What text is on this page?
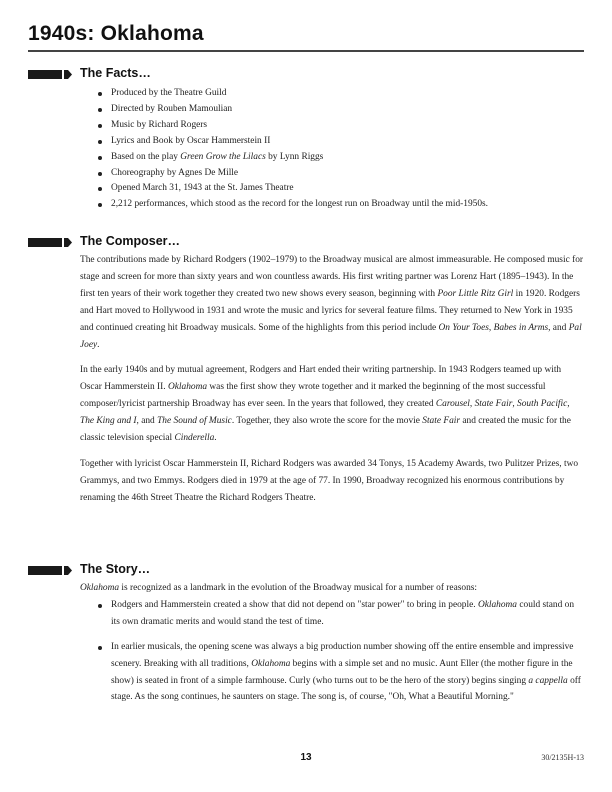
1940s: Oklahoma
The Facts…
Produced by the Theatre Guild
Directed by Rouben Mamoulian
Music by Richard Rogers
Lyrics and Book by Oscar Hammerstein II
Based on the play Green Grow the Lilacs by Lynn Riggs
Choreography by Agnes De Mille
Opened March 31, 1943 at the St. James Theatre
2,212 performances, which stood as the record for the longest run on Broadway until the mid-1950s.
The Composer…

The contributions made by Richard Rodgers (1902–1979) to the Broadway musical are almost immeasurable. He composed music for stage and screen for more than sixty years and won countless awards. His first writing partner was Lorenz Hart (1895–1943). In the first ten years of their work together they created two new shows every season, beginning with Poor Little Ritz Girl in 1920. Rodgers and Hart moved to Hollywood in 1931 and wrote the music and lyrics for several feature films. They returned to New York in 1935 and continued creating hit Broadway musicals. Some of the highlights from this period include On Your Toes, Babes in Arms, and Pal Joey.

In the early 1940s and by mutual agreement, Rodgers and Hart ended their writing partnership. In 1943 Rodgers teamed up with Oscar Hammerstein II. Oklahoma was the first show they wrote together and it marked the beginning of the most successful composer/lyricist partnership Broadway has ever seen. In the years that followed, they created Carousel, State Fair, South Pacific, The King and I, and The Sound of Music. Together, they also wrote the score for the movie State Fair and created the music for the classic television special Cinderella.

Together with lyricist Oscar Hammerstein II, Richard Rodgers was awarded 34 Tonys, 15 Academy Awards, two Pulitzer Prizes, two Grammys, and two Emmys. Rodgers died in 1979 at the age of 77. In 1990, Broadway recognized his enormous contributions by renaming the 46th Street Theatre the Richard Rodgers Theatre.

The Story…

Oklahoma is recognized as a landmark in the evolution of the Broadway musical for a number of reasons:

Rodgers and Hammerstein created a show that did not depend on "star power" to bring in people. Oklahoma could stand on its own dramatic merits and would stand the test of time.
In earlier musicals, the opening scene was always a big production number showing off the entire ensemble and impressive scenery. Breaking with all traditions, Oklahoma begins with a simple set and no music. Aunt Eller (the mother figure in the show) is seated in front of a simple farmhouse. Curly (who turns out to be the hero of the story) begins singing a cappella off stage. As the song continues, he saunters on stage. The song is, of course, "Oh, What a Beautiful Morning."
13	30/2135H-13
